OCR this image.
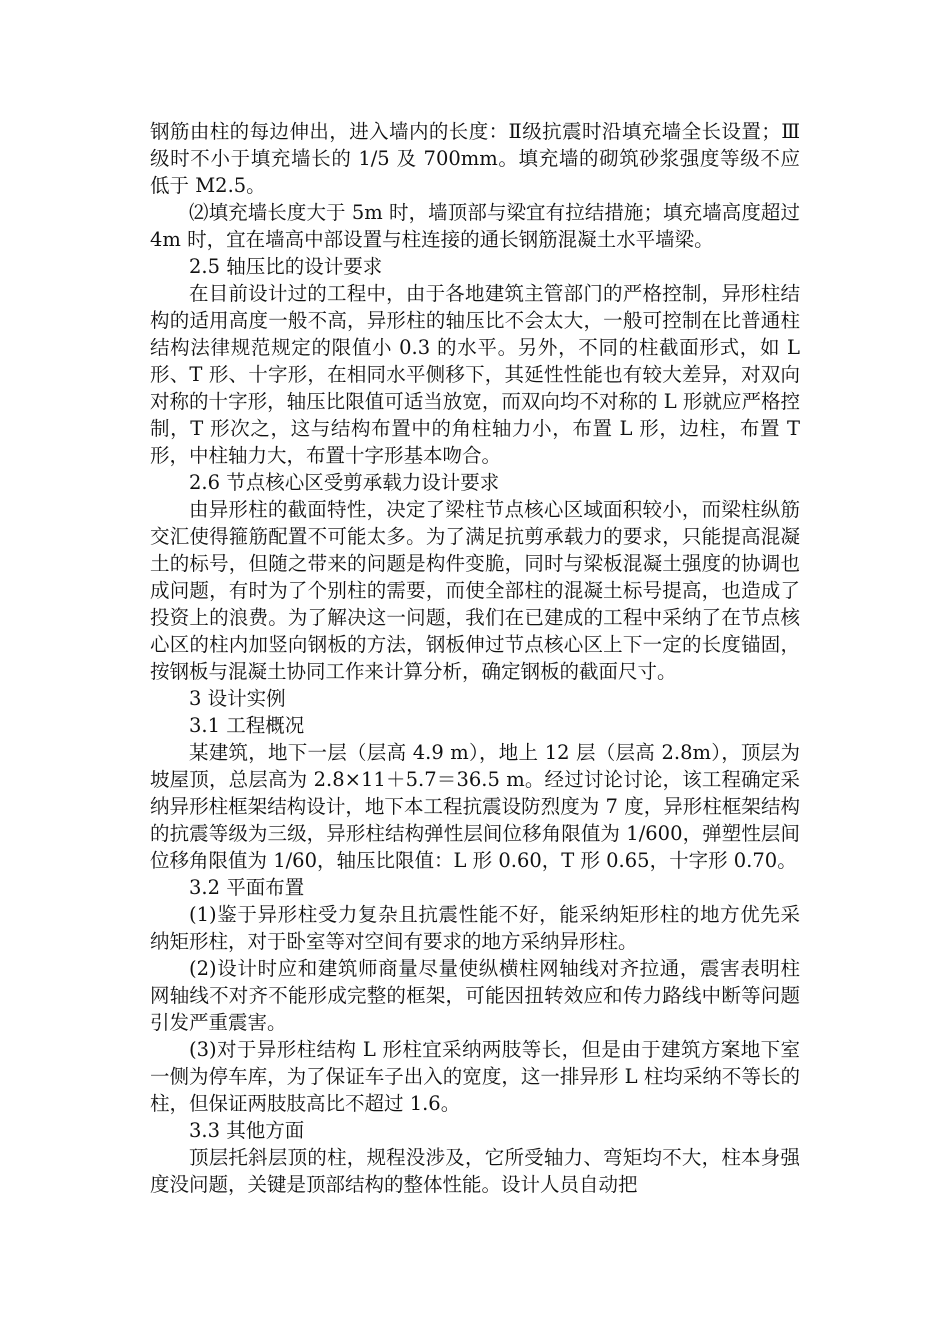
钢筋由柱的每边伸出，进入墙内的长度：Ⅱ级抗震时沿填充墙全长设置；Ⅲ级时不小于填充墙长的 1/5 及 700mm。填充墙的砌筑砂浆强度等级不应低于 M2.5。

⑵填充墙长度大于 5m 时，墙顶部与梁宜有拉结措施；填充墙高度超过 4m 时，宜在墙高中部设置与柱连接的通长钢筋混凝土水平墙梁。

2.5 轴压比的设计要求

在目前设计过的工程中，由于各地建筑主管部门的严格控制，异形柱结构的适用高度一般不高，异形柱的轴压比不会太大，一般可控制在比普通柱结构法律规范规定的限值小 0.3 的水平。另外，不同的柱截面形式，如 L 形、T 形、十字形，在相同水平侧移下，其延性性能也有较大差异，对双向对称的十字形，轴压比限值可适当放宽，而双向均不对称的 L 形就应严格控制，T 形次之，这与结构布置中的角柱轴力小，布置 L 形，边柱，布置 T 形，中柱轴力大，布置十字形基本吻合。

2.6 节点核心区受剪承载力设计要求

由异形柱的截面特性，决定了梁柱节点核心区域面积较小，而梁柱纵筋交汇使得箍筋配置不可能太多。为了满足抗剪承载力的要求，只能提高混凝土的标号，但随之带来的问题是构件变脆，同时与梁板混凝土强度的协调也成问题，有时为了个别柱的需要，而使全部柱的混凝土标号提高，也造成了投资上的浪费。为了解决这一问题，我们在已建成的工程中采纳了在节点核心区的柱内加竖向钢板的方法，钢板伸过节点核心区上下一定的长度锚固，按钢板与混凝土协同工作来计算分析，确定钢板的截面尺寸。

3 设计实例

3.1 工程概况

某建筑，地下一层（层高 4.9 m），地上 12 层（层高 2.8m），顶层为坡屋顶，总层高为 2.8×11＋5.7＝36.5 m。经过讨论讨论，该工程确定采纳异形柱框架结构设计，地下本工程抗震设防烈度为 7 度，异形柱框架结构的抗震等级为三级，异形柱结构弹性层间位移角限值为 1/600，弹塑性层间位移角限值为 1/60，轴压比限值：L 形 0.60，T 形 0.65，十字形 0.70。

3.2 平面布置

(1)鉴于异形柱受力复杂且抗震性能不好，能采纳矩形柱的地方优先采纳矩形柱，对于卧室等对空间有要求的地方采纳异形柱。

(2)设计时应和建筑师商量尽量使纵横柱网轴线对齐拉通，震害表明柱网轴线不对齐不能形成完整的框架，可能因扭转效应和传力路线中断等问题引发严重震害。

(3)对于异形柱结构 L 形柱宜采纳两肢等长，但是由于建筑方案地下室一侧为停车库，为了保证车子出入的宽度，这一排异形 L 柱均采纳不等长的柱，但保证两肢肢高比不超过 1.6。

3.3 其他方面

顶层托斜层顶的柱，规程没涉及，它所受轴力、弯矩均不大，柱本身强度没问题，关键是顶部结构的整体性能。设计人员自动把
